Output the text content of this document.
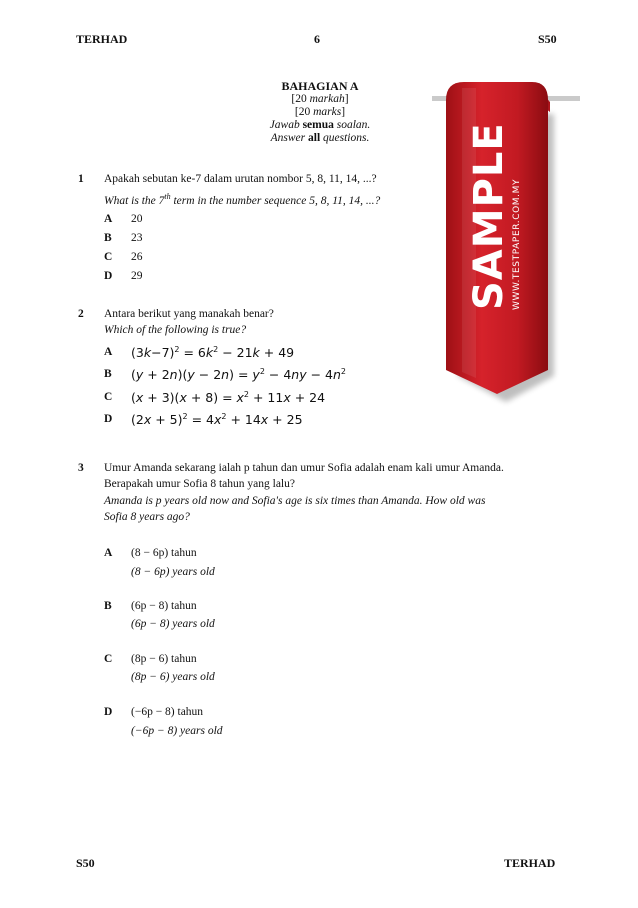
TERHAD	6	S50
BAHAGIAN A
[20 markah]
[20 marks]
Jawab semua soalan.
Answer all questions.	SAMPLE WWW.TESTPAPER.COM.MY
1 Apakah sebutan ke-7 dalam urutan nombor 5, 8, 11, 14, ...?
What is the 7th term in the number sequence 5, 8, 11, 14, ...?
A 20
B 23
C 26
D 29
2 Antara berikut yang manakah benar?
Which of the following is true?
A $(3k-7)^2 = 6k^2 - 21k + 49$
B $(y + 2n)(y - 2n) = y^2 - 4ny - 4n^2$
C $(x + 3)(x + 8) = x^2 + 11x + 24$
D $(2x + 5)^2 = 4x^2 + 14x + 25$
3 Umur Amanda sekarang ialah p tahun dan umur Sofia adalah enam kali umur Amanda.
Berapakah umur Sofia 8 tahun yang lalu?
Amanda is p years old now and Sofia's age is six times than Amanda. How old was
Sofia 8 years ago?
A (8 − 6p) tahun
(8 − 6p) years old
B (6p − 8) tahun
(6p − 8) years old
C (8p − 6) tahun
(8p − 6) years old
D (−6p − 8) tahun
(−6p − 8) years old
S50	TERHAD
